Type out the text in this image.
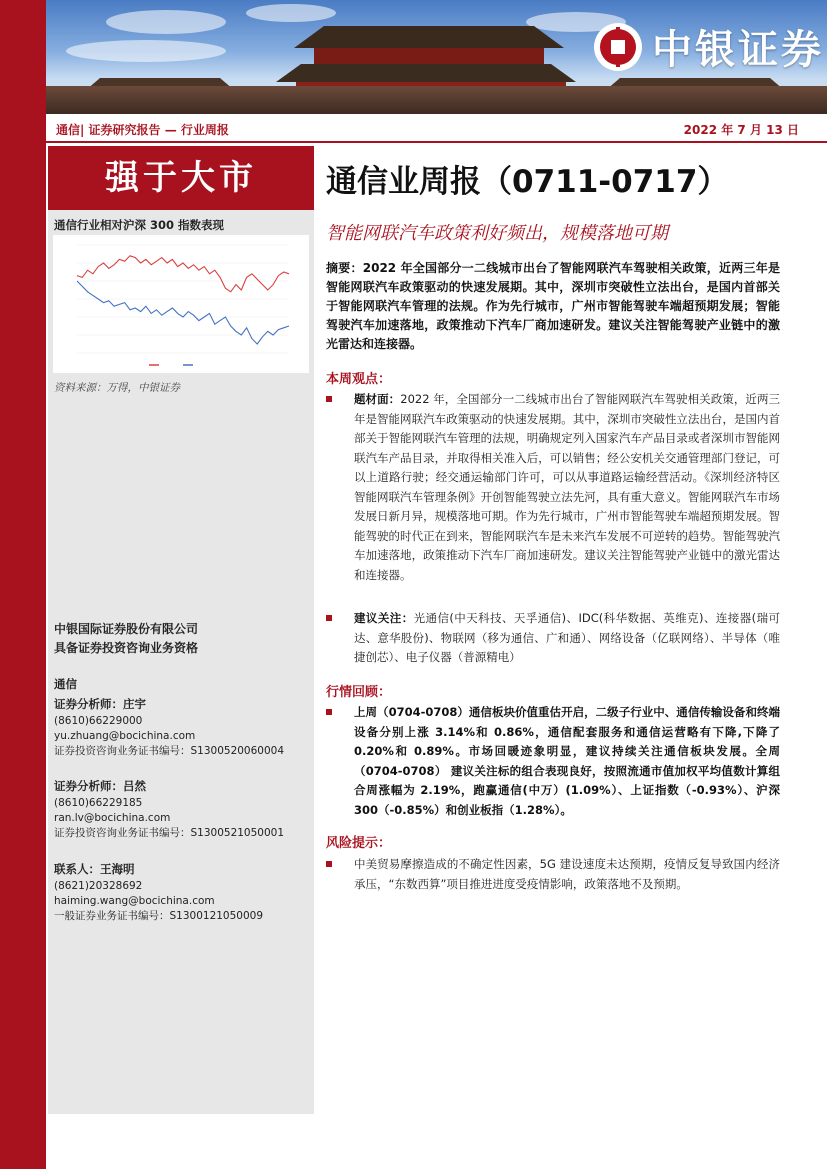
中银证券
通信| 证券研究报告 — 行业周报	2022 年 7 月 13 日
强于大市
通信行业相对沪深 300 指数表现
资料来源：万得，中银证券
中银国际证券股份有限公司
具备证券投资咨询业务资格
通信
证券分析师：庄宇
(8610)66229000
yu.zhuang@bocichina.com
证券投资咨询业务证书编号：S1300520060004
证券分析师：吕然
(8610)66229185
ran.lv@bocichina.com
证券投资咨询业务证书编号：S1300521050001
联系人：王海明
(8621)20328692
haiming.wang@bocichina.com
一般证券业务证书编号：S1300121050009
通信业周报（0711-0717）
智能网联汽车政策利好频出，规模落地可期
摘要：2022 年全国部分一二线城市出台了智能网联汽车驾驶相关政策，近两三年是智能网联汽车政策驱动的快速发展期。其中，深圳市突破性立法出台，是国内首部关于智能网联汽车管理的法规。作为先行城市，广州市智能驾驶车端超预期发展；智能驾驶汽车加速落地，政策推动下汽车厂商加速研发。建议关注智能驾驶产业链中的激光雷达和连接器。
本周观点：
题材面：2022 年，全国部分一二线城市出台了智能网联汽车驾驶相关政策，近两三年是智能网联汽车政策驱动的快速发展期。其中，深圳市突破性立法出台，是国内首部关于智能网联汽车管理的法规，明确规定列入国家汽车产品目录或者深圳市智能网联汽车产品目录，并取得相关准入后，可以销售；经公安机关交通管理部门登记，可以上道路行驶；经交通运输部门许可，可以从事道路运输经营活动。《深圳经济特区智能网联汽车管理条例》开创智能驾驶立法先河，具有重大意义。智能网联汽车市场发展日新月异，规模落地可期。作为先行城市，广州市智能驾驶车端超预期发展。智能驾驶的时代正在到来，智能网联汽车是未来汽车发展不可逆转的趋势。智能驾驶汽车加速落地，政策推动下汽车厂商加速研发。建议关注智能驾驶产业链中的激光雷达和连接器。
建议关注：光通信(中天科技、天孚通信)、IDC(科华数据、英维克)、连接器(瑞可达、意华股份)、物联网（移为通信、广和通）、网络设备（亿联网络）、半导体（唯捷创芯）、电子仪器（普源精电）
行情回顾：
上周（0704-0708）通信板块价值重估开启，二级子行业中、通信传输设备和终端设备分别上涨 3.14%和 0.86%，通信配套服务和通信运营略有下降,下降了 0.20%和 0.89%。市场回暖迹象明显，建议持续关注通信板块发展。全周（0704-0708） 建议关注标的组合表现良好，按照流通市值加权平均值数计算组合周涨幅为 2.19%，跑赢通信(中万）(1.09%）、上证指数（-0.93%）、沪深 300（-0.85%）和创业板指（1.28%）。
风险提示：
中美贸易摩擦造成的不确定性因素，5G 建设速度未达预期，疫情反复导致国内经济承压，“东数西算”项目推进进度受疫情影响，政策落地不及预期。
